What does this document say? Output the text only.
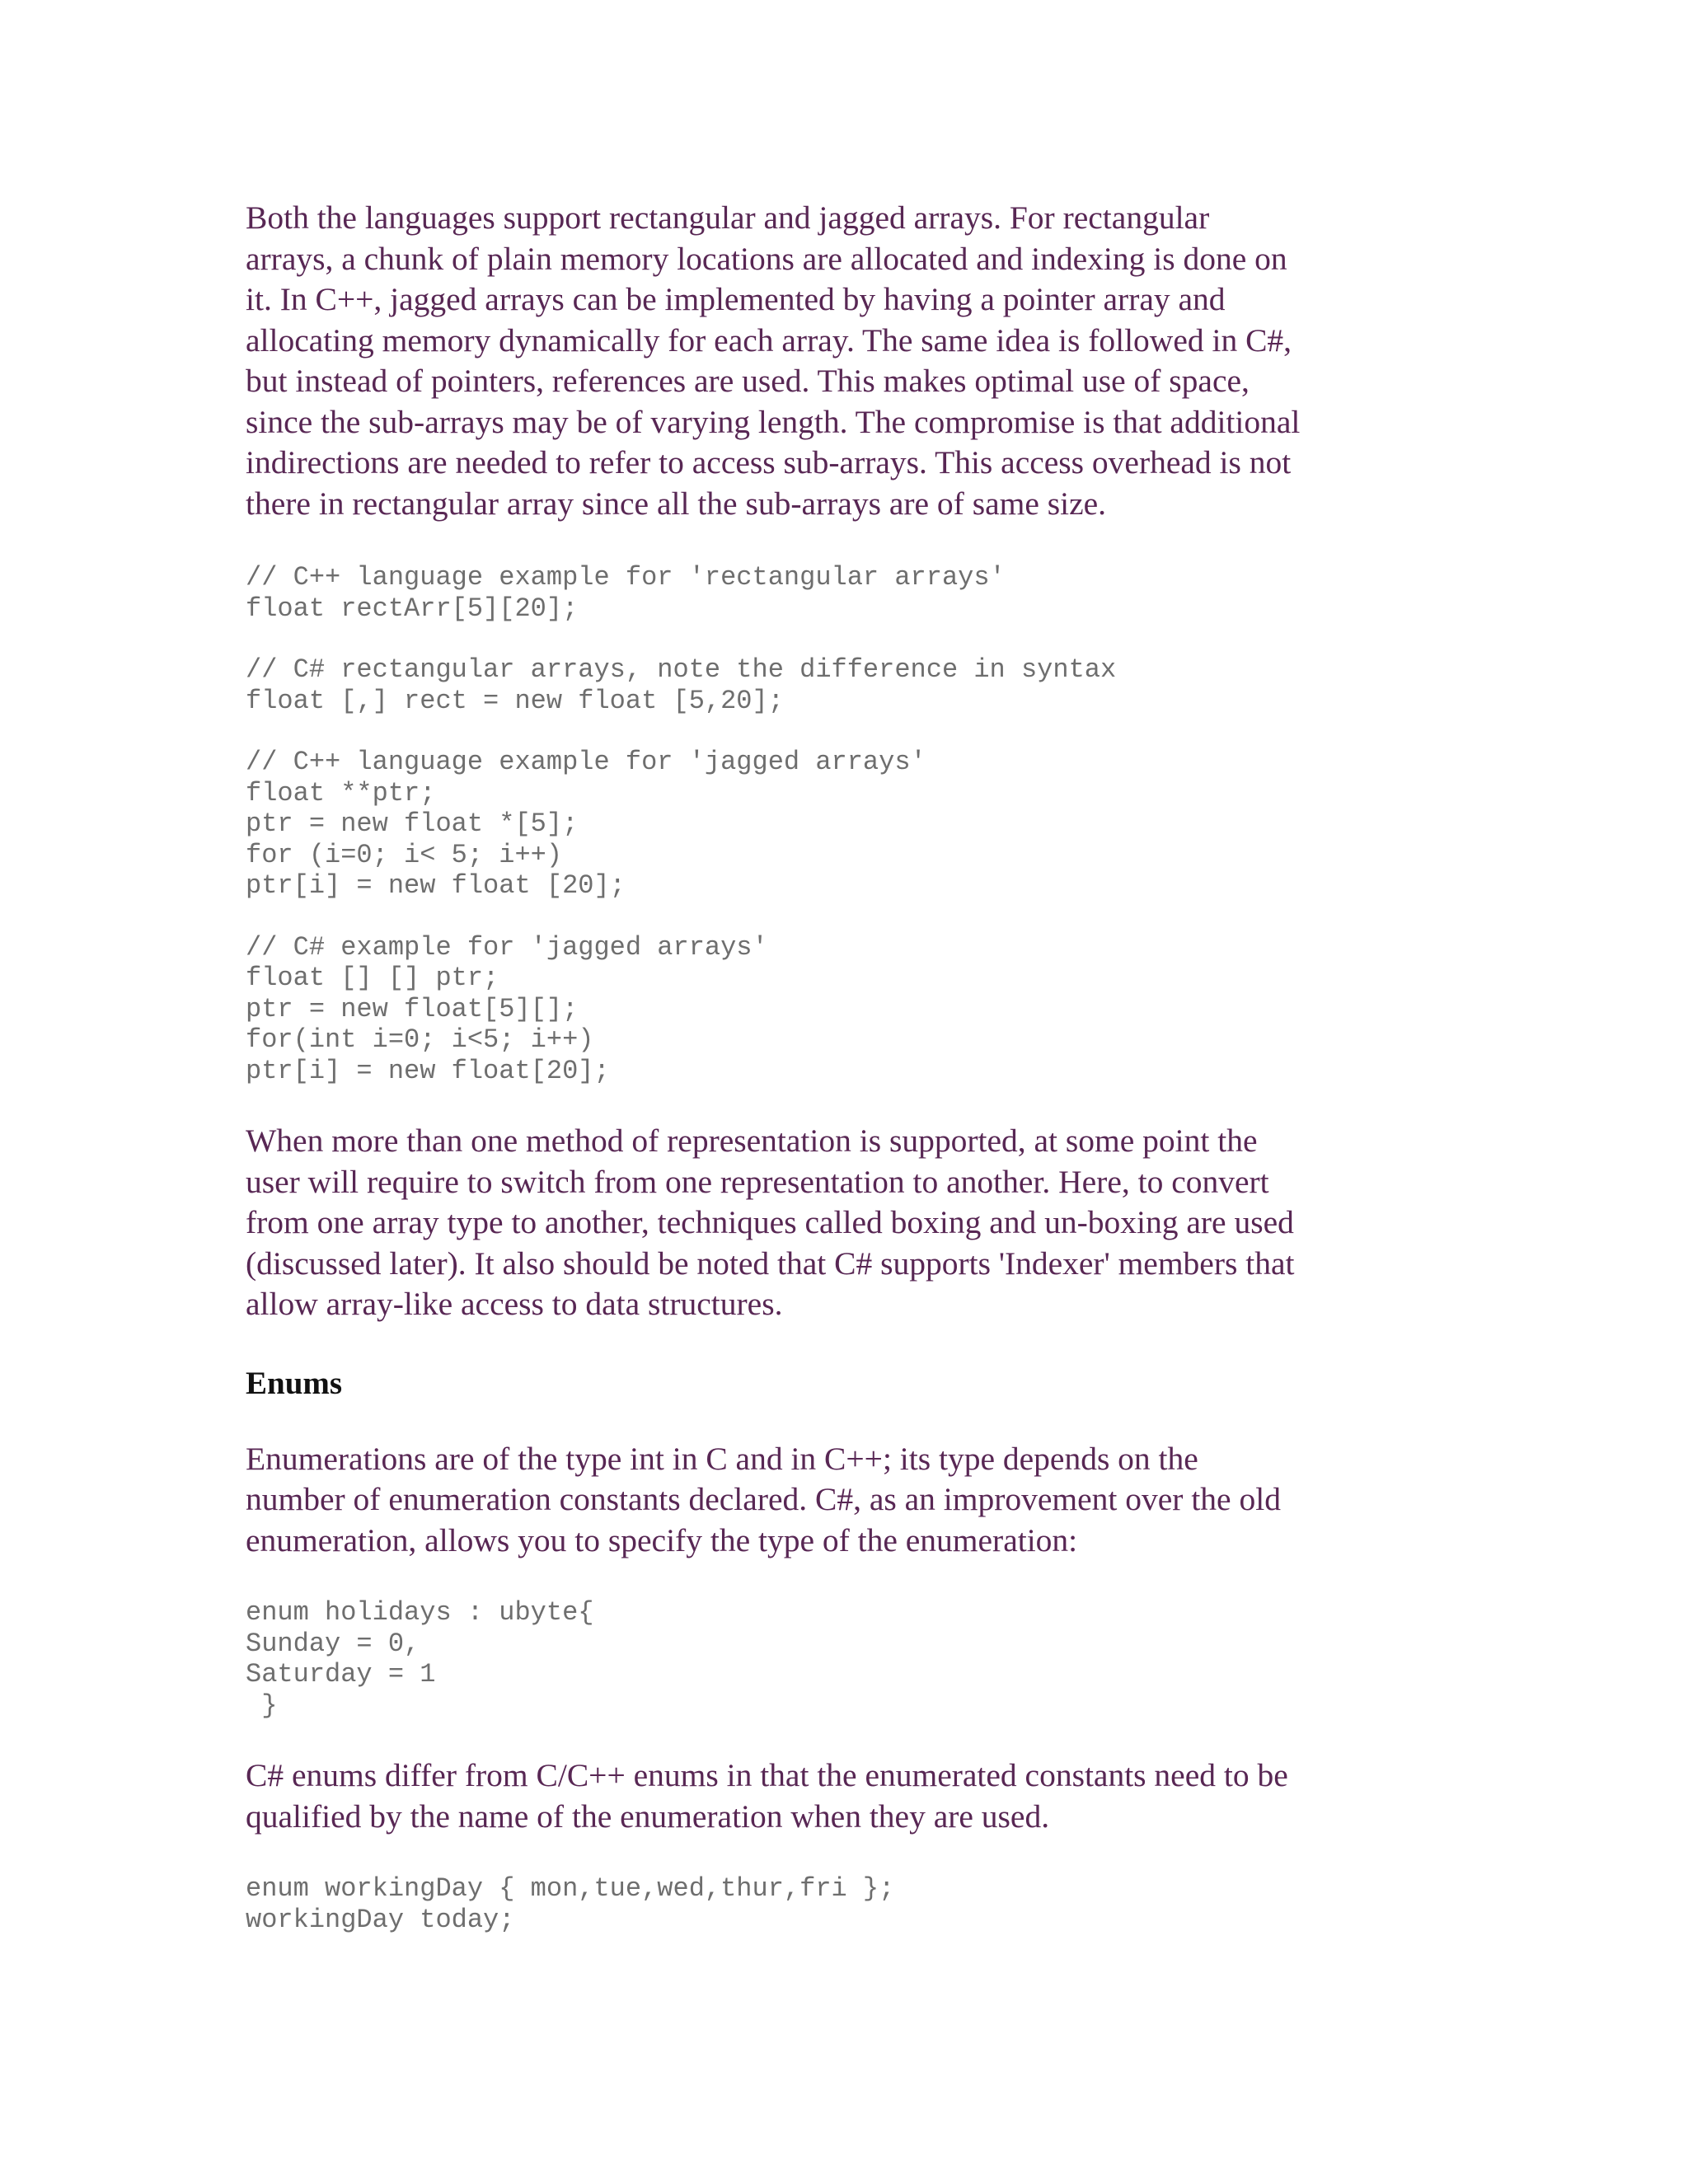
Both the languages support rectangular and jagged arrays. For rectangular
arrays, a chunk of plain memory locations are allocated and indexing is done on
it. In C++, jagged arrays can be implemented by having a pointer array and
allocating memory dynamically for each array. The same idea is followed in C#,
but instead of pointers, references are used. This makes optimal use of space,
since the sub-arrays may be of varying length. The compromise is that additional
indirections are needed to refer to access sub-arrays. This access overhead is not
there in rectangular array since all the sub-arrays are of same size.
// C++ language example for 'rectangular arrays'
float rectArr[5][20];
// C# rectangular arrays, note the difference in syntax
float [,] rect = new float [5,20];
// C++ language example for 'jagged arrays'
float **ptr;
ptr = new float *[5];
for (i=0; i< 5; i++)
ptr[i] = new float [20];
// C# example for 'jagged arrays'
float [] [] ptr;
ptr = new float[5][];
for(int i=0; i<5; i++)
ptr[i] = new float[20];
When more than one method of representation is supported, at some point the
user will require to switch from one representation to another. Here, to convert
from one array type to another, techniques called boxing and un-boxing are used
(discussed later). It also should be noted that C# supports 'Indexer' members that
allow array-like access to data structures.
Enums
Enumerations are of the type int in C and in C++; its type depends on the
number of enumeration constants declared. C#, as an improvement over the old
enumeration, allows you to specify the type of the enumeration:
enum holidays : ubyte{
Sunday = 0,
Saturday = 1
}
C# enums differ from C/C++ enums in that the enumerated constants need to be
qualified by the name of the enumeration when they are used.
enum workingDay { mon,tue,wed,thur,fri };
workingDay today;
